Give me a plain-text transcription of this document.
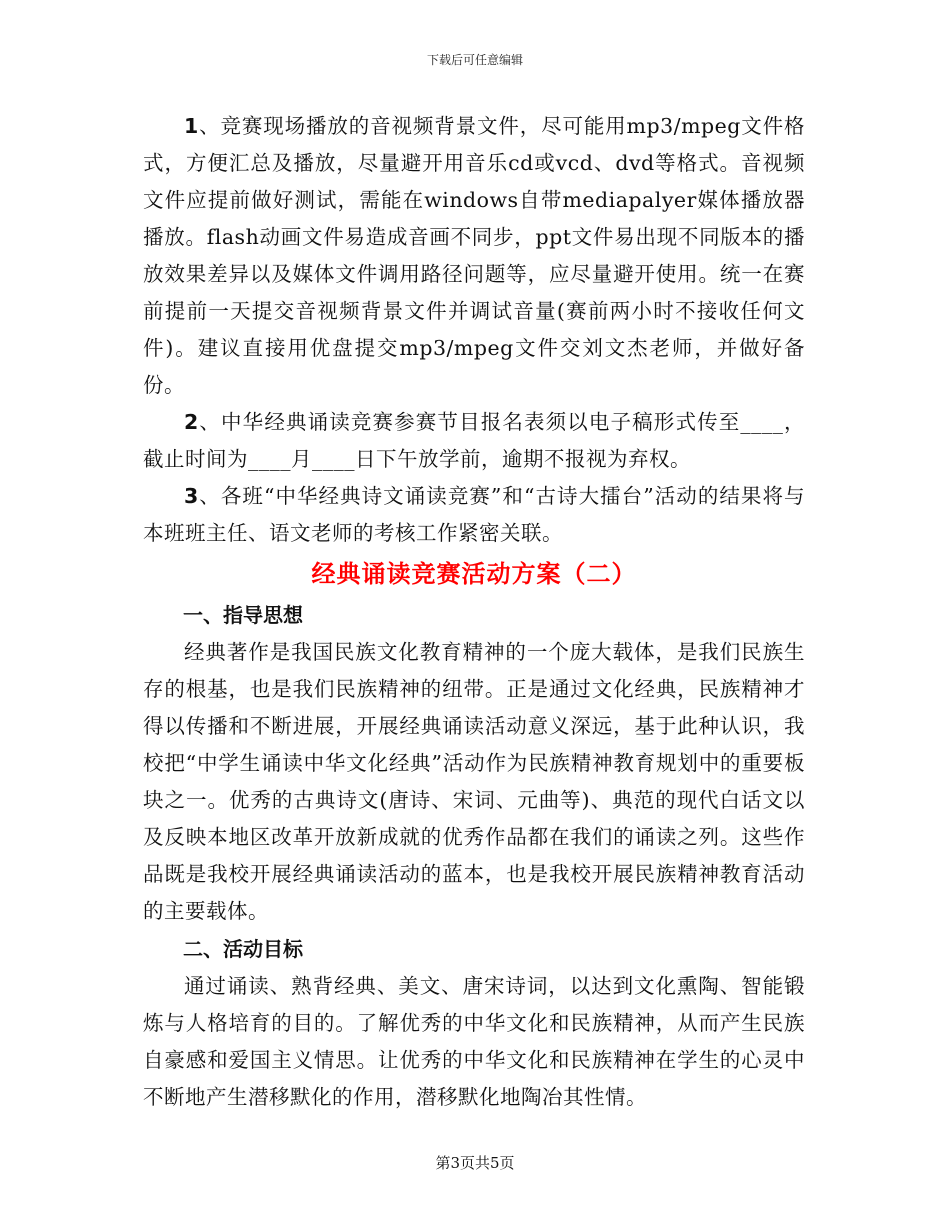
下载后可任意编辑

1、竞赛现场播放的音视频背景文件，尽可能用mp3/mpeg文件格式，方便汇总及播放，尽量避开用音乐cd或vcd、dvd等格式。音视频文件应提前做好测试，需能在windows自带mediapalyer媒体播放器播放。flash动画文件易造成音画不同步，ppt文件易出现不同版本的播放效果差异以及媒体文件调用路径问题等，应尽量避开使用。统一在赛前提前一天提交音视频背景文件并调试音量(赛前两小时不接收任何文件)。建议直接用优盘提交mp3/mpeg文件交刘文杰老师，并做好备份。

2、中华经典诵读竞赛参赛节目报名表须以电子稿形式传至____，截止时间为____月____日下午放学前，逾期不报视为弃权。

3、各班“中华经典诗文诵读竞赛”和“古诗大擂台”活动的结果将与本班班主任、语文老师的考核工作紧密关联。

经典诵读竞赛活动方案（二）
一、指导思想

经典著作是我国民族文化教育精神的一个庞大载体，是我们民族生存的根基，也是我们民族精神的纽带。正是通过文化经典，民族精神才得以传播和不断进展，开展经典诵读活动意义深远，基于此种认识，我校把“中学生诵读中华文化经典”活动作为民族精神教育规划中的重要板块之一。优秀的古典诗文(唐诗、宋词、元曲等)、典范的现代白话文以及反映本地区改革开放新成就的优秀作品都在我们的诵读之列。这些作品既是我校开展经典诵读活动的蓝本，也是我校开展民族精神教育活动的主要载体。

二、活动目标

通过诵读、熟背经典、美文、唐宋诗词，以达到文化熏陶、智能锻炼与人格培育的目的。了解优秀的中华文化和民族精神，从而产生民族自豪感和爱国主义情思。让优秀的中华文化和民族精神在学生的心灵中不断地产生潜移默化的作用，潜移默化地陶冶其性情。

第3页共5页
